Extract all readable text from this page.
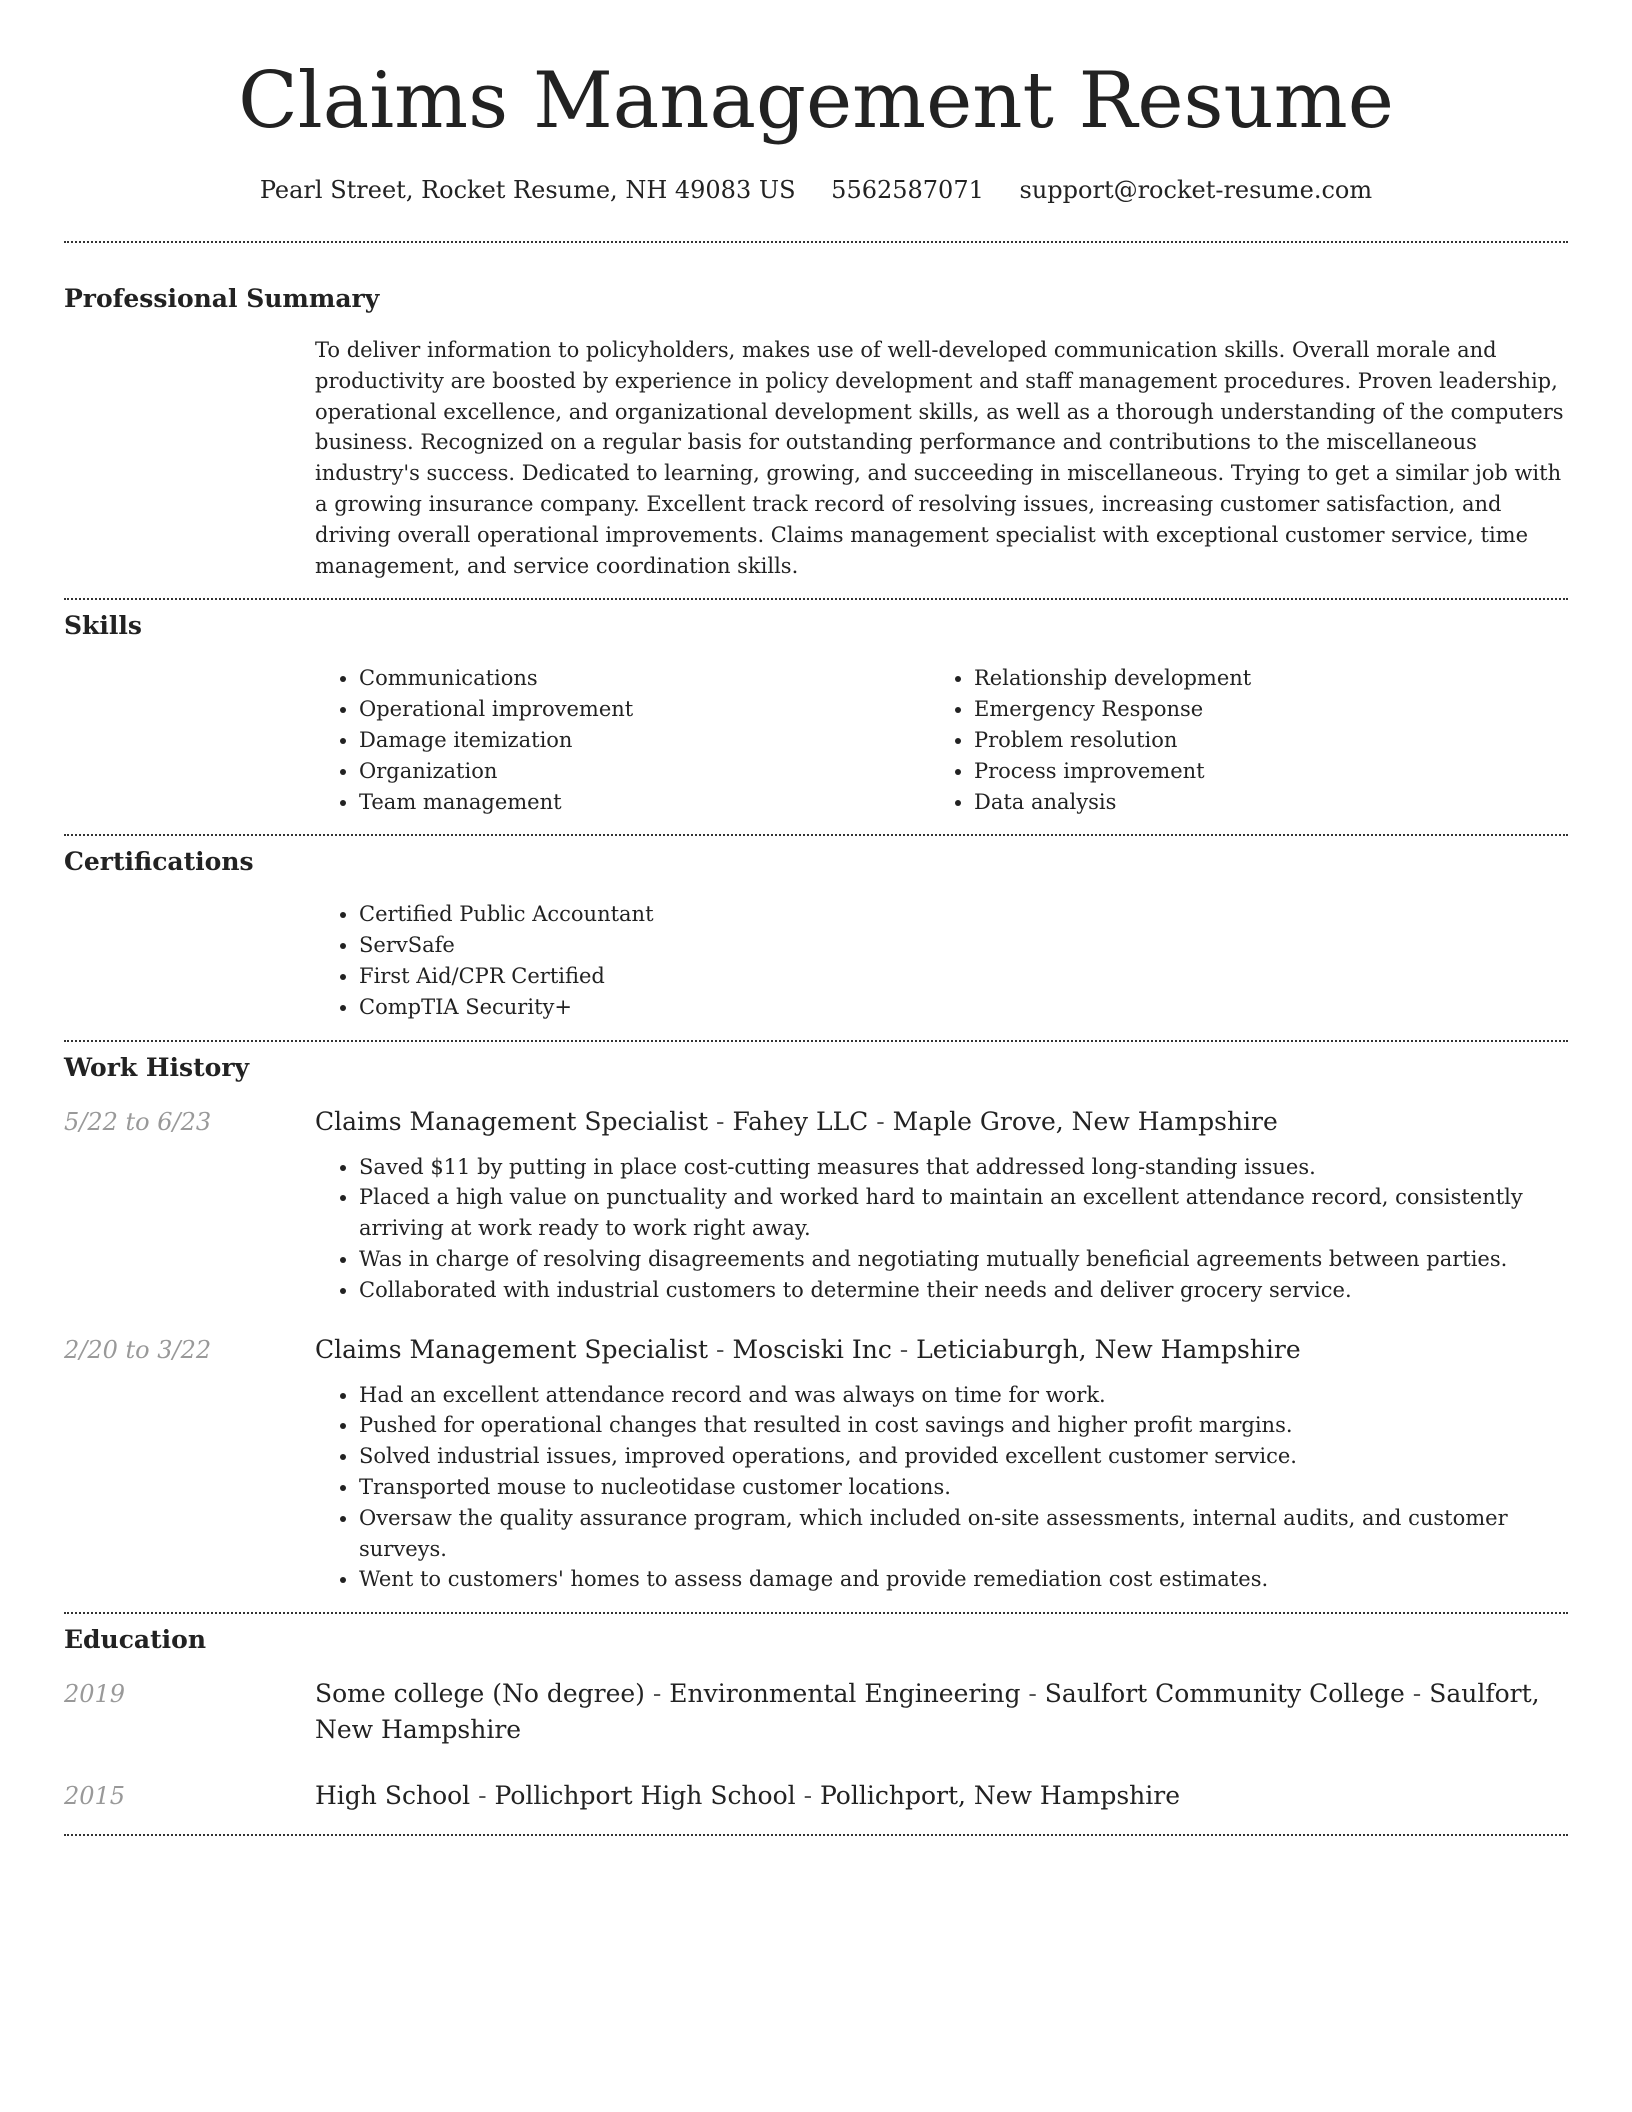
Claims Management Resume
Pearl Street, Rocket Resume, NH 49083 US 5562587071 support@rocket-resume.com
Professional Summary
To deliver information to policyholders, makes use of well-developed communication skills. Overall morale and productivity are boosted by experience in policy development and staff management procedures. Proven leadership, operational excellence, and organizational development skills, as well as a thorough understanding of the computers business. Recognized on a regular basis for outstanding performance and contributions to the miscellaneous industry's success. Dedicated to learning, growing, and succeeding in miscellaneous. Trying to get a similar job with a growing insurance company. Excellent track record of resolving issues, increasing customer satisfaction, and driving overall operational improvements. Claims management specialist with exceptional customer service, time management, and service coordination skills.
Skills
• Communications
• Operational improvement
• Damage itemization
• Organization
• Team management
• Relationship development
• Emergency Response
• Problem resolution
• Process improvement
• Data analysis
Certifications
• Certified Public Accountant
• ServSafe
• First Aid/CPR Certified
• CompTIA Security+
Work History
5/22 to 6/23	Claims Management Specialist - Fahey LLC - Maple Grove, New Hampshire
• Saved $11 by putting in place cost-cutting measures that addressed long-standing issues.
• Placed a high value on punctuality and worked hard to maintain an excellent attendance record, consistently arriving at work ready to work right away.
• Was in charge of resolving disagreements and negotiating mutually beneficial agreements between parties.
• Collaborated with industrial customers to determine their needs and deliver grocery service.
2/20 to 3/22	Claims Management Specialist - Mosciski Inc - Leticiaburgh, New Hampshire
• Had an excellent attendance record and was always on time for work.
• Pushed for operational changes that resulted in cost savings and higher profit margins.
• Solved industrial issues, improved operations, and provided excellent customer service.
• Transported mouse to nucleotidase customer locations.
• Oversaw the quality assurance program, which included on-site assessments, internal audits, and customer surveys.
• Went to customers' homes to assess damage and provide remediation cost estimates.
Education
2019	Some college (No degree) - Environmental Engineering - Saulfort Community College - Saulfort, New Hampshire
2015	High School - Pollichport High School - Pollichport, New Hampshire
